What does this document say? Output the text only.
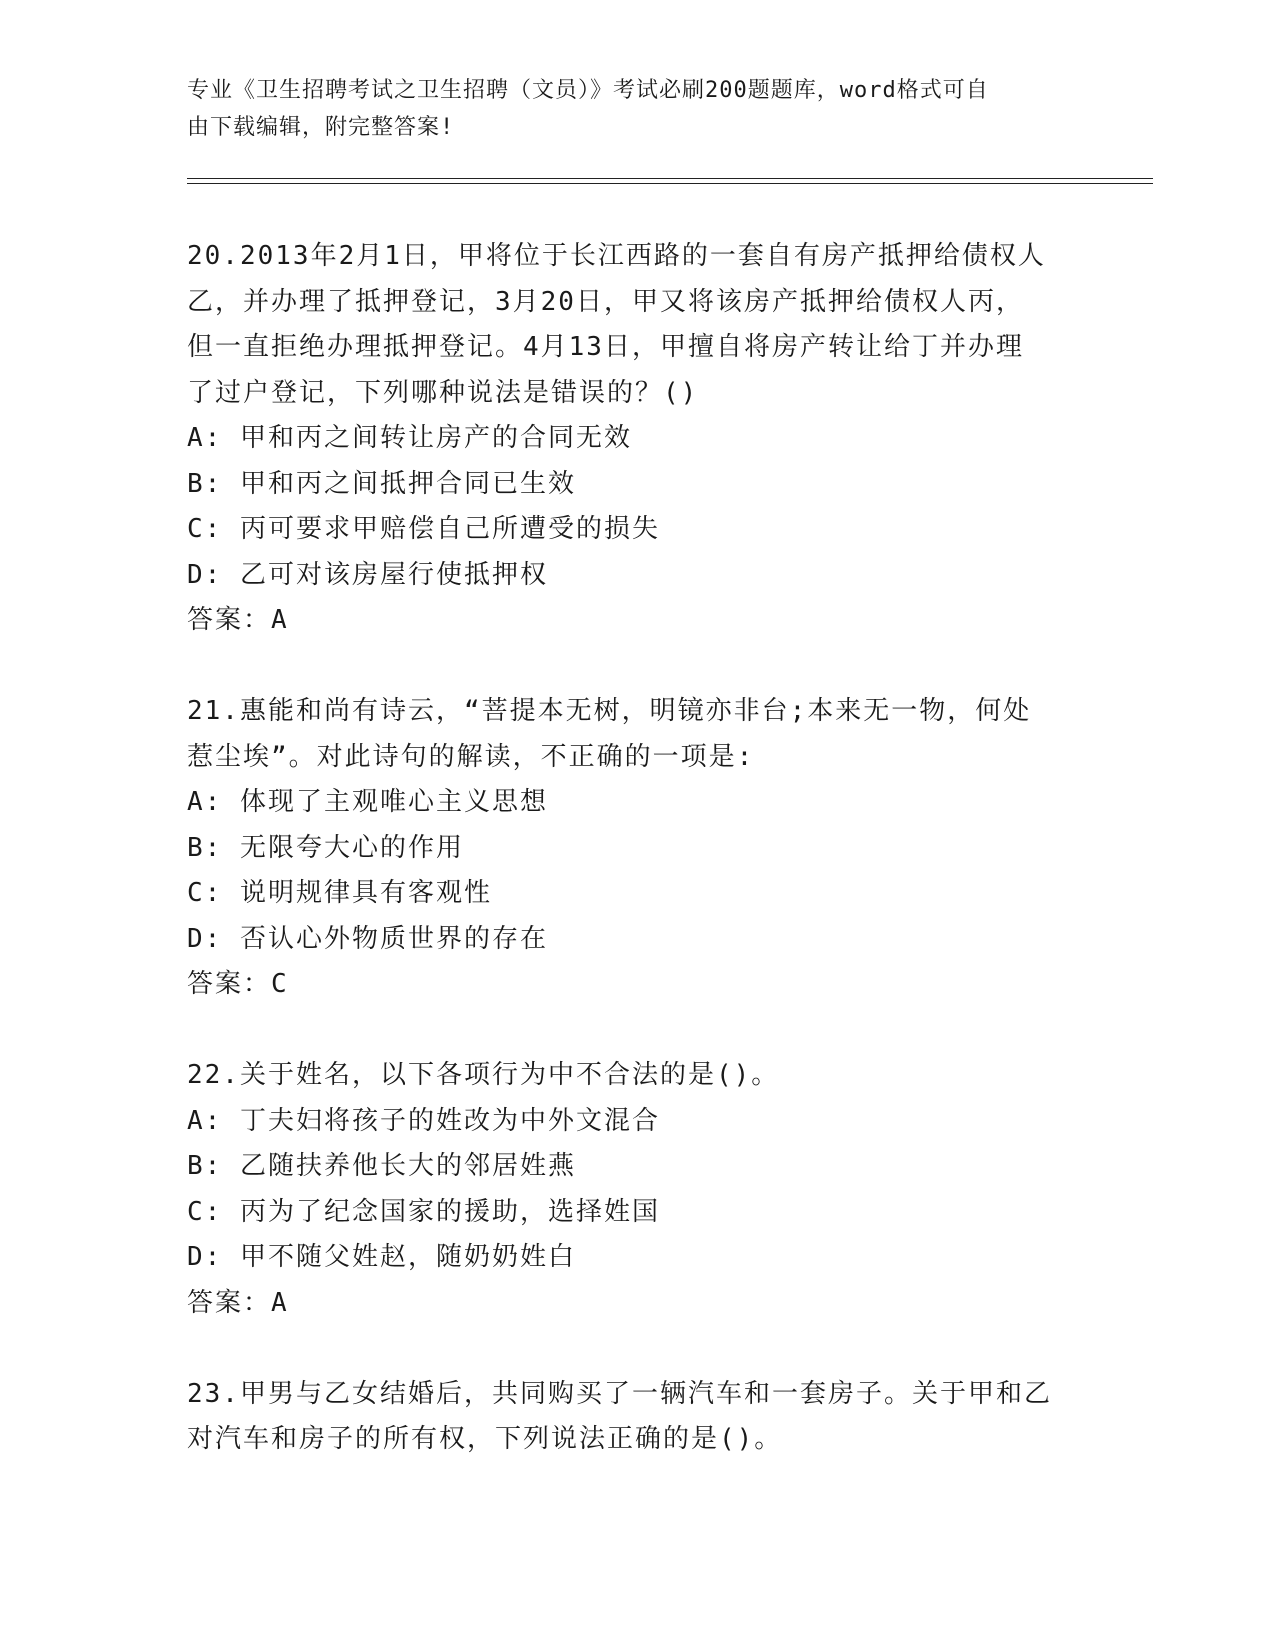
专业《卫生招聘考试之卫生招聘（文员）》考试必刷200题题库，word格式可自
由下载编辑，附完整答案!
20.2013年2月1日，甲将位于长江西路的一套自有房产抵押给债权人
乙，并办理了抵押登记，3月20日，甲又将该房产抵押给债权人丙，
但一直拒绝办理抵押登记。4月13日，甲擅自将房产转让给丁并办理
了过户登记，下列哪种说法是错误的？()
A: 甲和丙之间转让房产的合同无效
B: 甲和丙之间抵押合同已生效
C: 丙可要求甲赔偿自己所遭受的损失
D: 乙可对该房屋行使抵押权
答案：A
21.惠能和尚有诗云，“菩提本无树，明镜亦非台;本来无一物，何处
惹尘埃”。对此诗句的解读，不正确的一项是:
A: 体现了主观唯心主义思想
B: 无限夸大心的作用
C: 说明规律具有客观性
D: 否认心外物质世界的存在
答案：C
22.关于姓名，以下各项行为中不合法的是()。
A: 丁夫妇将孩子的姓改为中外文混合
B: 乙随扶养他长大的邻居姓燕
C: 丙为了纪念国家的援助，选择姓国
D: 甲不随父姓赵，随奶奶姓白
答案：A
23.甲男与乙女结婚后，共同购买了一辆汽车和一套房子。关于甲和乙
对汽车和房子的所有权，下列说法正确的是()。
